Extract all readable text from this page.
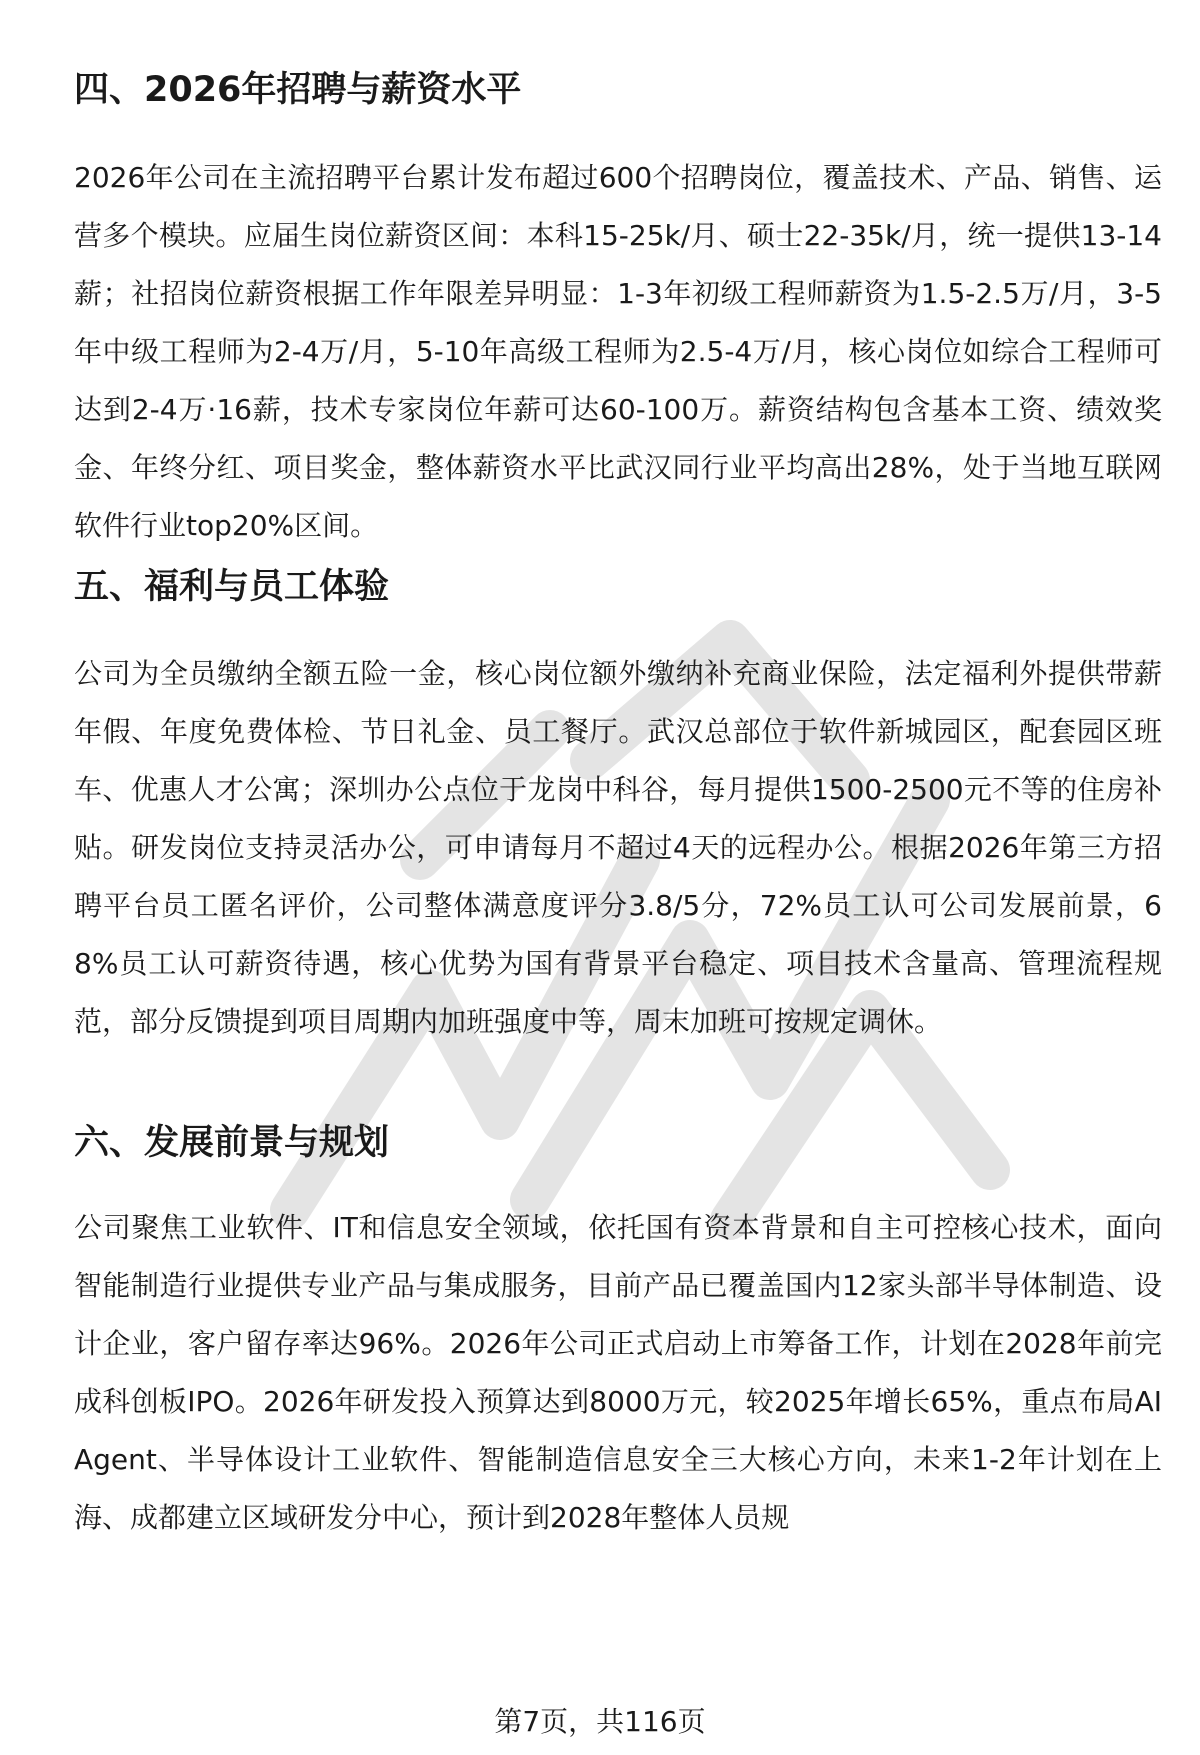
四、2026年招聘与薪资水平

2026年公司在主流招聘平台累计发布超过600个招聘岗位，覆盖技术、产品、销售、运营多个模块。应届生岗位薪资区间：本科15-25k/月、硕士22-35k/月，统一提供13-14薪；社招岗位薪资根据工作年限差异明显：1-3年初级工程师薪资为1.5-2.5万/月，3-5年中级工程师为2-4万/月，5-10年高级工程师为2.5-4万/月，核心岗位如综合工程师可达到2-4万·16薪，技术专家岗位年薪可达60-100万。薪资结构包含基本工资、绩效奖金、年终分红、项目奖金，整体薪资水平比武汉同行业平均高出28%，处于当地互联网软件行业top20%区间。

五、福利与员工体验

公司为全员缴纳全额五险一金，核心岗位额外缴纳补充商业保险，法定福利外提供带薪年假、年度免费体检、节日礼金、员工餐厅。武汉总部位于软件新城园区，配套园区班车、优惠人才公寓；深圳办公点位于龙岗中科谷，每月提供1500-2500元不等的住房补贴。研发岗位支持灵活办公，可申请每月不超过4天的远程办公。根据2026年第三方招聘平台员工匿名评价，公司整体满意度评分3.8/5分，72%员工认可公司发展前景，68%员工认可薪资待遇，核心优势为国有背景平台稳定、项目技术含量高、管理流程规范，部分反馈提到项目周期内加班强度中等，周末加班可按规定调休。

六、发展前景与规划

公司聚焦工业软件、IT和信息安全领域，依托国有资本背景和自主可控核心技术，面向智能制造行业提供专业产品与集成服务，目前产品已覆盖国内12家头部半导体制造、设计企业，客户留存率达96%。2026年公司正式启动上市筹备工作，计划在2028年前完成科创板IPO。2026年研发投入预算达到8000万元，较2025年增长65%，重点布局AI Agent、半导体设计工业软件、智能制造信息安全三大核心方向，未来1-2年计划在上海、成都建立区域研发分中心，预计到2028年整体人员规

第7页，共116页
